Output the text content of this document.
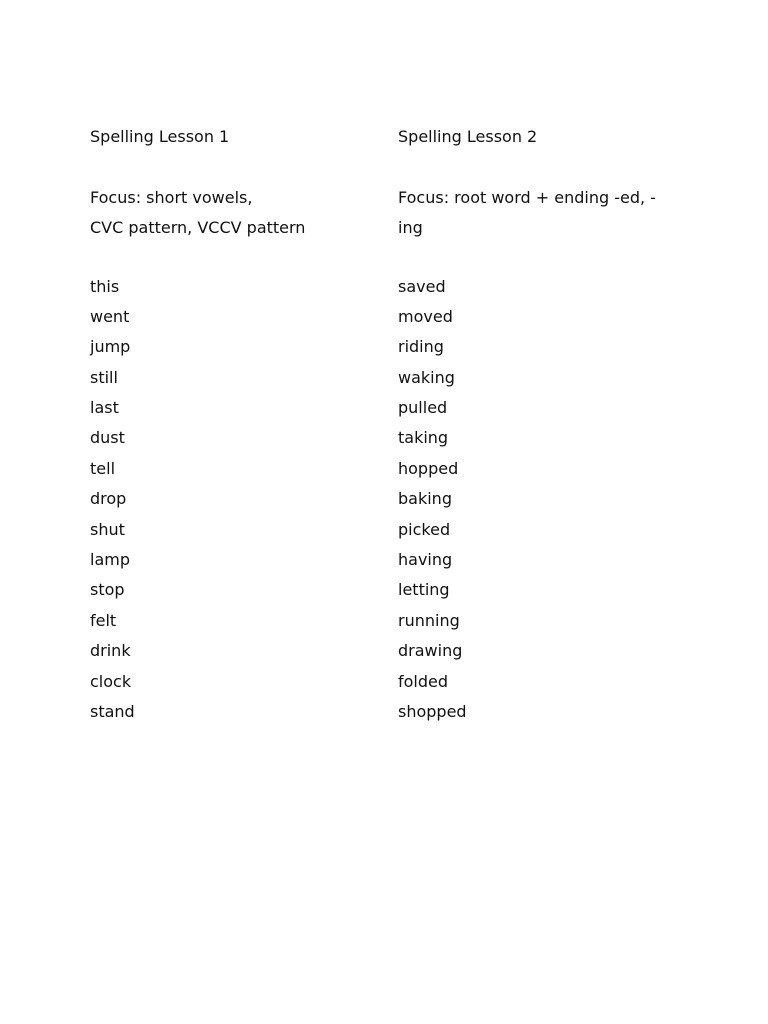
Spelling Lesson 1
Focus: short vowels,
CVC pattern, VCCV pattern
this
went
jump
still
last
dust
tell
drop
shut
lamp
stop
felt
drink
clock
stand
Spelling Lesson 2
Focus: root word + ending -ed, -
ing
saved
moved
riding
waking
pulled
taking
hopped
baking
picked
having
letting
running
drawing
folded
shopped
